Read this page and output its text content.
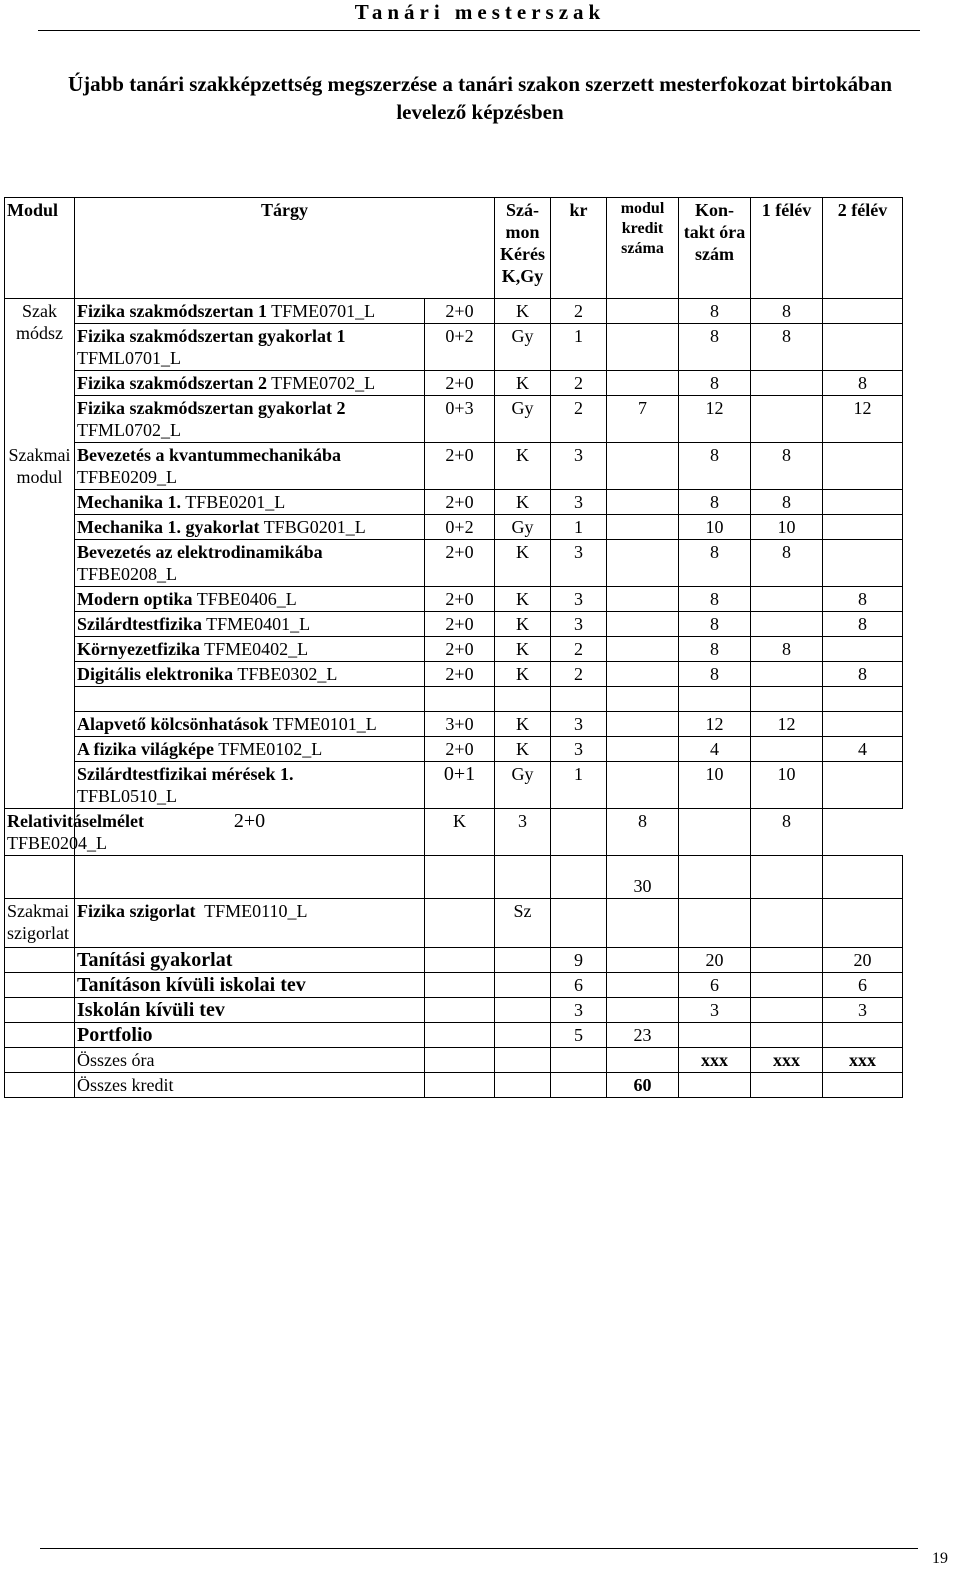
Tanári mesterszak
Újabb tanári szakképzettség megszerzése a tanári szakon szerzett mesterfokozat birtokában levelező képzésben
Modul	Tárgy		Szá-mon Kérés K,Gy	kr	modul kredit száma	Kon-takt óra szám	1 félév	2 félév	
Szak módsz	Fizika szakmódszertan 1 TFME0701_L	2+0	K	2		8	8		
	Fizika szakmódszertan gyakorlat 1
TFML0701_L	0+2	Gy	1		8	8		
	Fizika szakmódszertan 2 TFME0702_L	2+0	K	2		8		8	
	Fizika szakmódszertan gyakorlat 2
TFML0702_L	0+3	Gy	2	7	12		12	
Szakmai modul	Bevezetés a kvantummechanikába
TFBE0209_L	2+0	K	3		8	8		
	Mechanika 1. TFBE0201_L	2+0	K	3		8	8		
	Mechanika 1. gyakorlat TFBG0201_L	0+2	Gy	1		10	10		
	Bevezetés az elektrodinamikába
TFBE0208_L	2+0	K	3		8	8		
	Modern optika TFBE0406_L	2+0	K	3		8		8	
	Szilárdtestfizika TFME0401_L	2+0	K	3		8		8	
	Környezetfizika TFME0402_L	2+0	K	2		8	8		
	Digitális elektronika TFBE0302_L	2+0	K	2		8		8	

	Alapvető kölcsönhatások TFME0101_L	3+0	K	3		12	12		
	A fizika világképe TFME0102_L	2+0	K	3		4		4	
	Szilárdtestfizikai mérések 1.
TFBL0510_L	0+1	Gy	1		10	10		
Relativitáselmélet TFBE0204_L	2+0	K	3		8		8		
					30				
Szakmai szigorlat	Fizika szigorlat TFME0110_L		Sz						
	Tanítási gyakorlat			9		20		20	
	Tanításon kívüli iskolai tev			6		6		6	
	Iskolán kívüli tev			3		3		3	
	Portfolio			5	23				
	Összes óra					xxx	xxx	xxx	
	Összes kredit				60				
19
